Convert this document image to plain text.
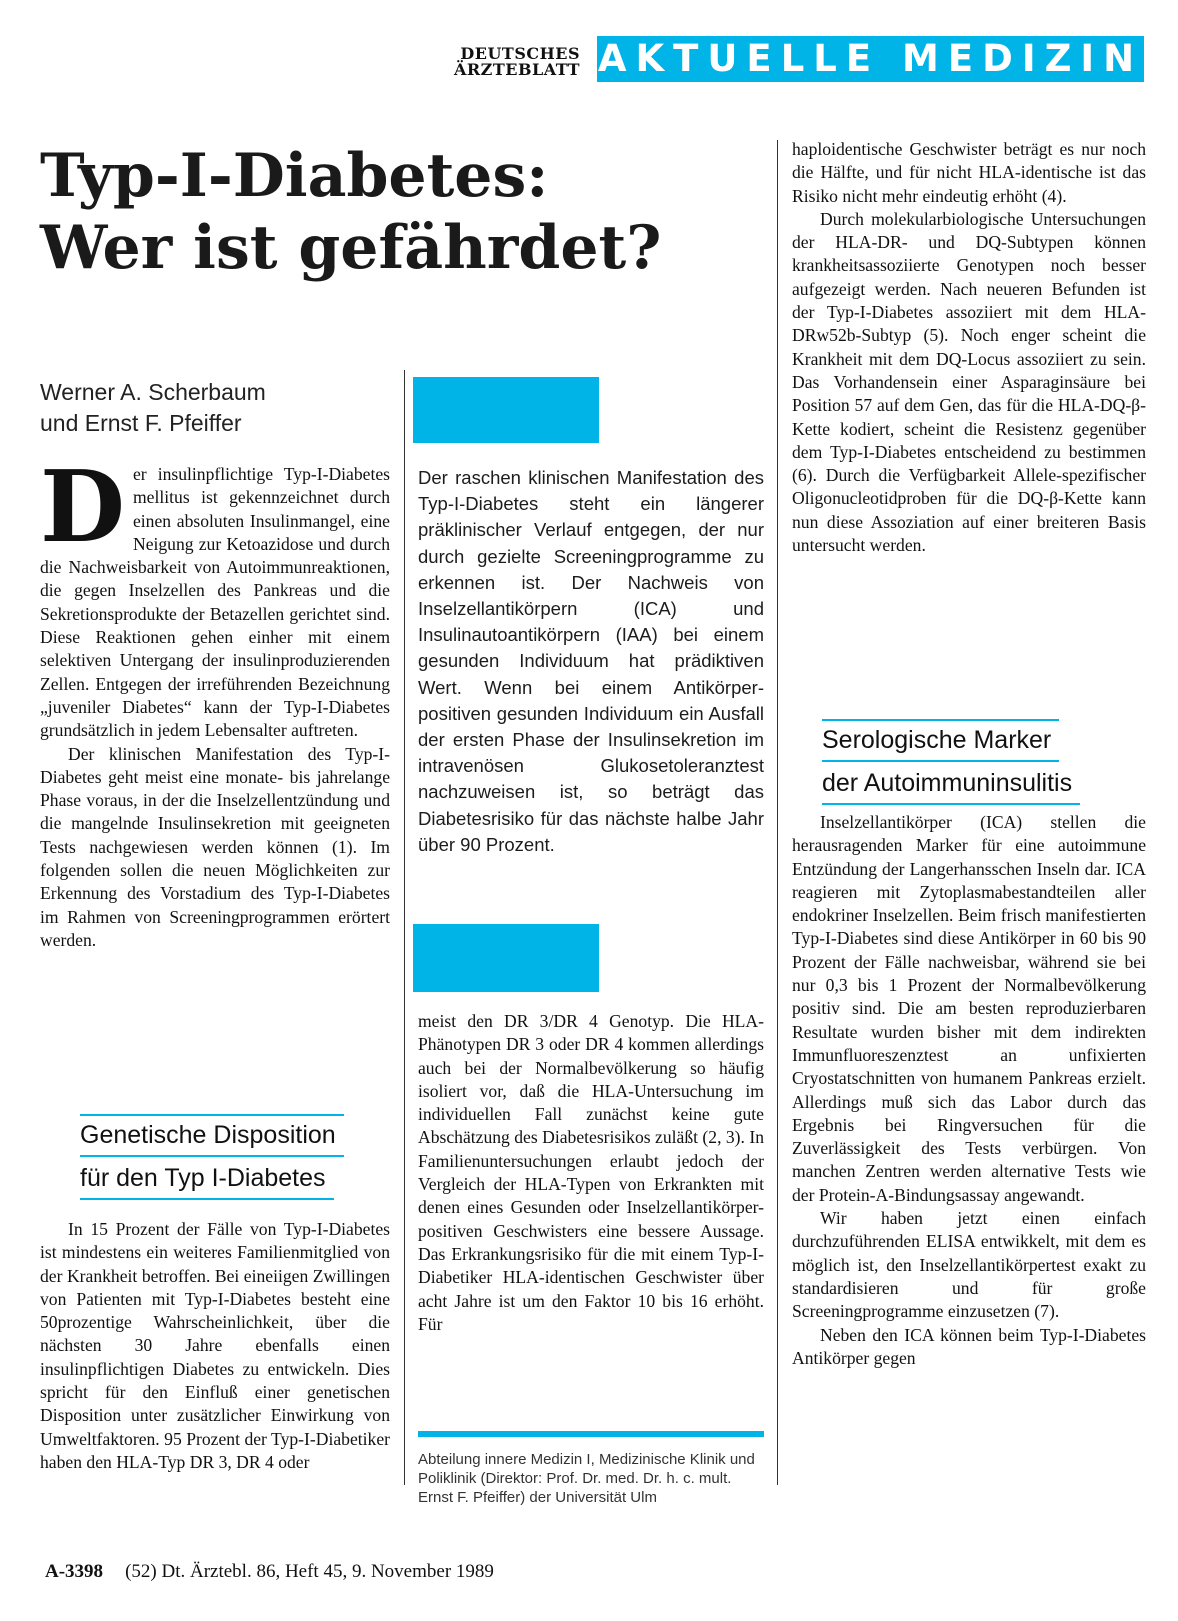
DEUTSCHES
ÄRZTEBLATT AKTUELLE MEDIZIN
Typ-I-Diabetes:
Wer ist gefährdet?
Werner A. Scherbaum
und Ernst F. Pfeiffer

Der insulinpflichtige Typ-I-Diabetes mellitus ist gekennzeichnet durch einen absoluten Insulinmangel, eine Neigung zur Ketoazidose und durch die Nachweisbarkeit von Autoimmunreaktionen, die gegen Inselzellen des Pankreas und die Sekretionsprodukte der Betazellen gerichtet sind. Diese Reaktionen gehen einher mit einem selektiven Untergang der insulinproduzierenden Zellen. Entgegen der irreführenden Bezeichnung „juveniler Diabetes“ kann der Typ-I-Diabetes grundsätzlich in jedem Lebensalter auftreten.

Der klinischen Manifestation des Typ-I-Diabetes geht meist eine monate- bis jahrelange Phase voraus, in der die Inselzellentzündung und die mangelnde Insulinsekretion mit geeigneten Tests nachgewiesen werden können (1). Im folgenden sollen die neuen Möglichkeiten zur Erkennung des Vorstadium des Typ-I-Diabetes im Rahmen von Screeningprogrammen erörtert werden.

Genetische Disposition
für den Typ I-Diabetes

In 15 Prozent der Fälle von Typ-I-Diabetes ist mindestens ein weiteres Familienmitglied von der Krankheit betroffen. Bei eineiigen Zwillingen von Patienten mit Typ-I-Diabetes besteht eine 50prozentige Wahrscheinlichkeit, über die nächsten 30 Jahre ebenfalls einen insulinpflichtigen Diabetes zu entwickeln. Dies spricht für den Einfluß einer genetischen Disposition unter zusätzlicher Einwirkung von Umweltfaktoren. 95 Prozent der Typ-I-Diabetiker haben den HLA-Typ DR 3, DR 4 oder

Der raschen klinischen Manifestation des Typ-I-Diabetes steht ein längerer präklinischer Verlauf entgegen, der nur durch gezielte Screeningprogramme zu erkennen ist. Der Nachweis von Inselzellantikörpern (ICA) und Insulinautoantikörpern (IAA) bei einem gesunden Individuum hat prädiktiven Wert. Wenn bei einem Antikörper-positiven gesunden Individuum ein Ausfall der ersten Phase der Insulinsekretion im intravenösen Glukosetoleranztest nachzuweisen ist, so beträgt das Diabetesrisiko für das nächste halbe Jahr über 90 Prozent.

meist den DR 3/DR 4 Genotyp. Die HLA-Phänotypen DR 3 oder DR 4 kommen allerdings auch bei der Normalbevölkerung so häufig isoliert vor, daß die HLA-Untersuchung im individuellen Fall zunächst keine gute Abschätzung des Diabetesrisikos zuläßt (2, 3). In Familienuntersuchungen erlaubt jedoch der Vergleich der HLA-Typen von Erkrankten mit denen eines Gesunden oder Inselzellantikörper-positiven Geschwisters eine bessere Aussage. Das Erkrankungsrisiko für die mit einem Typ-I-Diabetiker HLA-identischen Geschwister über acht Jahre ist um den Faktor 10 bis 16 erhöht. Für

Abteilung innere Medizin I, Medizinische Klinik und Poliklinik (Direktor: Prof. Dr. med. Dr. h. c. mult. Ernst F. Pfeiffer) der Universität Ulm

haploidentische Geschwister beträgt es nur noch die Hälfte, und für nicht HLA-identische ist das Risiko nicht mehr eindeutig erhöht (4).

Durch molekularbiologische Untersuchungen der HLA-DR- und DQ-Subtypen können krankheitsassoziierte Genotypen noch besser aufgezeigt werden. Nach neueren Befunden ist der Typ-I-Diabetes assoziiert mit dem HLA-DRw52b-Subtyp (5). Noch enger scheint die Krankheit mit dem DQ-Locus assoziiert zu sein. Das Vorhandensein einer Asparaginsäure bei Position 57 auf dem Gen, das für die HLA-DQ-β-Kette kodiert, scheint die Resistenz gegenüber dem Typ-I-Diabetes entscheidend zu bestimmen (6). Durch die Verfügbarkeit Allele-spezifischer Oligonucleotidproben für die DQ-β-Kette kann nun diese Assoziation auf einer breiteren Basis untersucht werden.

Serologische Marker
der Autoimmuninsulitis

Inselzellantikörper (ICA) stellen die herausragenden Marker für eine autoimmune Entzündung der Langerhansschen Inseln dar. ICA reagieren mit Zytoplasmabestandteilen aller endokriner Inselzellen. Beim frisch manifestierten Typ-I-Diabetes sind diese Antikörper in 60 bis 90 Prozent der Fälle nachweisbar, während sie bei nur 0,3 bis 1 Prozent der Normalbevölkerung positiv sind. Die am besten reproduzierbaren Resultate wurden bisher mit dem indirekten Immunfluoreszenztest an unfixierten Cryostatschnitten von humanem Pankreas erzielt. Allerdings muß sich das Labor durch das Ergebnis bei Ringversuchen für die Zuverlässigkeit des Tests verbürgen. Von manchen Zentren werden alternative Tests wie der Protein-A-Bindungsassay angewandt.

Wir haben jetzt einen einfach durchzuführenden ELISA entwikkelt, mit dem es möglich ist, den Inselzellantikörpertest exakt zu standardisieren und für große Screeningprogramme einzusetzen (7).

Neben den ICA können beim Typ-I-Diabetes Antikörper gegen

A-3398 (52) Dt. Ärztebl. 86, Heft 45, 9. November 1989
